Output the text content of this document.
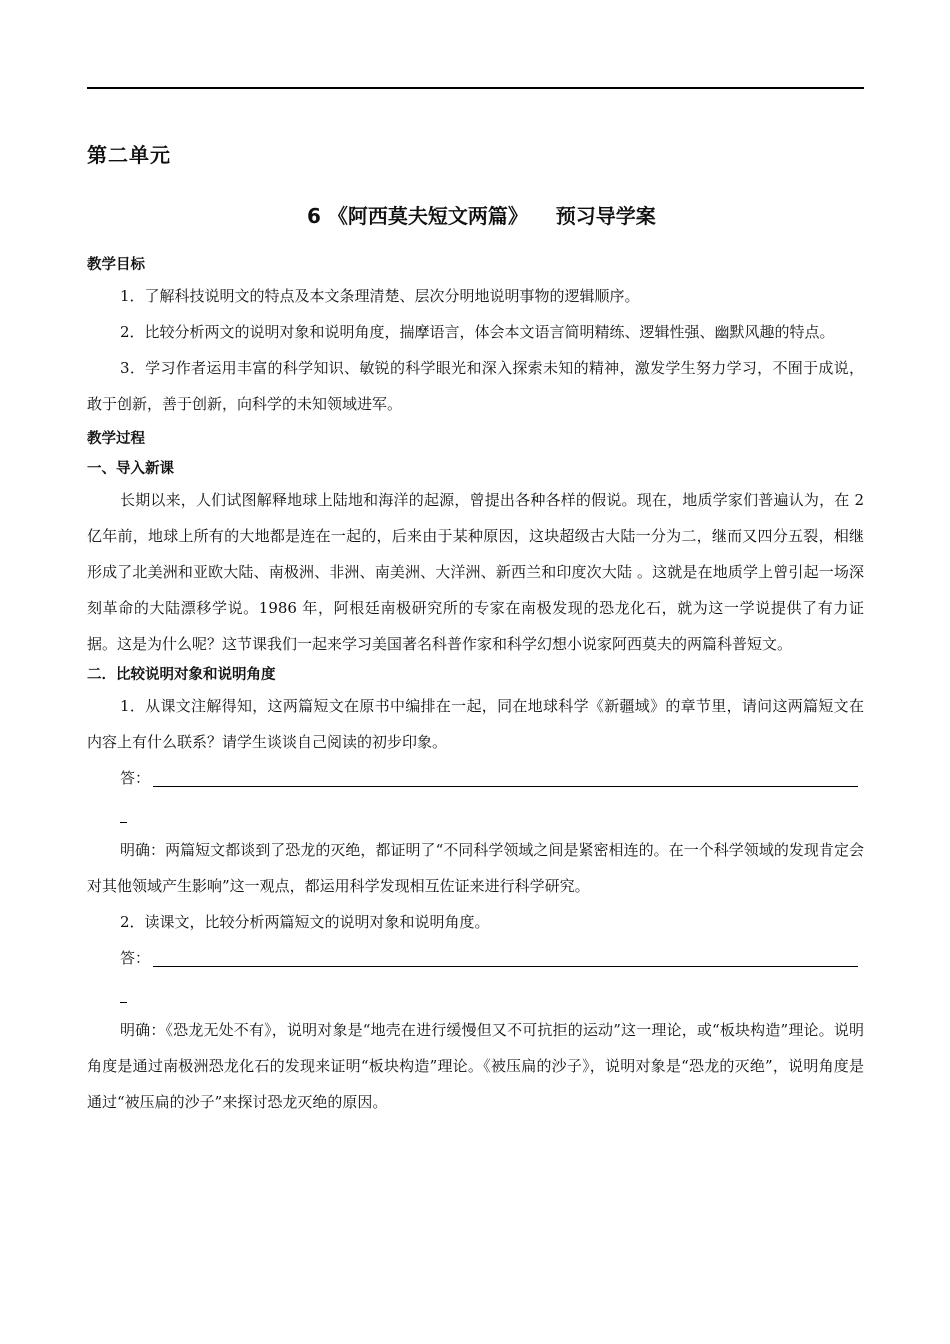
第二单元
6 《阿西莫夫短文两篇》    预习导学案

教学目标

1．了解科技说明文的特点及本文条理清楚、层次分明地说明事物的逻辑顺序。

2．比较分析两文的说明对象和说明角度，揣摩语言，体会本文语言简明精练、逻辑性强、幽默风趣的特点。

3．学习作者运用丰富的科学知识、敏锐的科学眼光和深入探索未知的精神，激发学生努力学习，不囿于成说，敢于创新，善于创新，向科学的未知领域进军。

教学过程

一、导入新课

长期以来，人们试图解释地球上陆地和海洋的起源，曾提出各种各样的假说。现在，地质学家们普遍认为，在 2 亿年前，地球上所有的大地都是连在一起的，后来由于某种原因，这块超级古大陆一分为二，继而又四分五裂，相继形成了北美洲和亚欧大陆、南极洲、非洲、南美洲、大洋洲、新西兰和印度次大陆 。这就是在地质学上曾引起一场深刻革命的大陆漂移学说。1986 年，阿根廷南极研究所的专家在南极发现的恐龙化石，就为这一学说提供了有力证据。这是为什么呢？这节课我们一起来学习美国著名科普作家和科学幻想小说家阿西莫夫的两篇科普短文。

二．比较说明对象和说明角度

1．从课文注解得知，这两篇短文在原书中编排在一起，同在地球科学《新疆域》的章节里，请问这两篇短文在内容上有什么联系？请学生谈谈自己阅读的初步印象。

答：

明确：两篇短文都谈到了恐龙的灭绝，都证明了“不同科学领域之间是紧密相连的。在一个科学领域的发现肯定会对其他领域产生影响”这一观点，都运用科学发现相互佐证来进行科学研究。

2．读课文，比较分析两篇短文的说明对象和说明角度。

答：

明确：《恐龙无处不有》，说明对象是“地壳在进行缓慢但又不可抗拒的运动”这一理论，或“板块构造”理论。说明角度是通过南极洲恐龙化石的发现来证明“板块构造”理论。《被压扁的沙子》，说明对象是“恐龙的灭绝”，说明角度是通过“被压扁的沙子”来探讨恐龙灭绝的原因。
